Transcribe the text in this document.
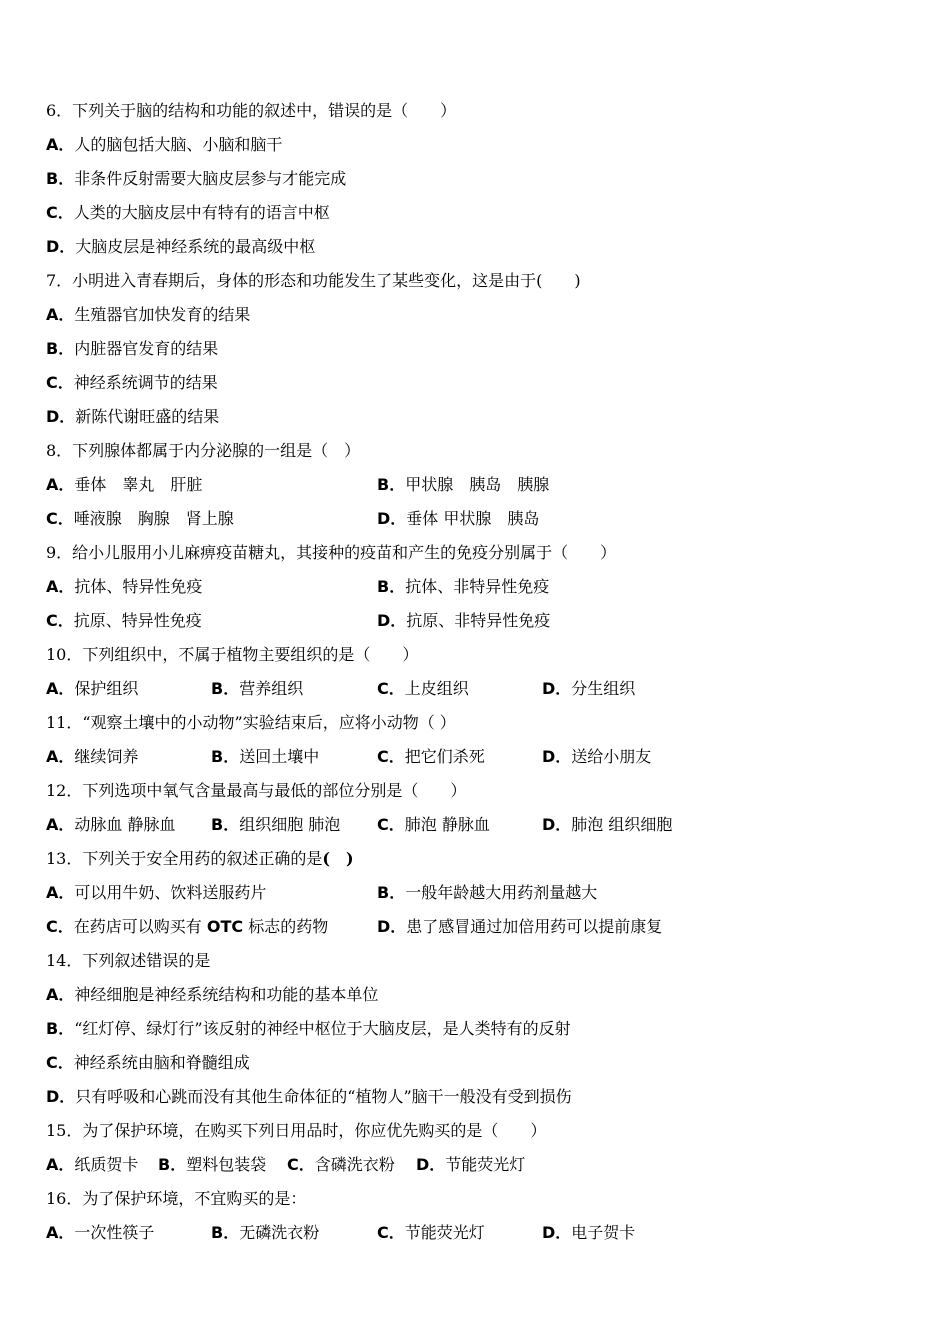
6．下列关于脑的结构和功能的叙述中，错误的是（　　）
A．人的脑包括大脑、小脑和脑干
B．非条件反射需要大脑皮层参与才能完成
C．人类的大脑皮层中有特有的语言中枢
D．大脑皮层是神经系统的最高级中枢
7．小明进入青春期后，身体的形态和功能发生了某些变化，这是由于(　　)
A．生殖器官加快发育的结果
B．内脏器官发育的结果
C．神经系统调节的结果
D．新陈代谢旺盛的结果
8．下列腺体都属于内分泌腺的一组是（　）
A．垂体　睾丸　肝脏	B．甲状腺　胰岛　胰腺
C．唾液腺　胸腺　肾上腺	D．垂体 甲状腺　胰岛
9．给小儿服用小儿麻痹疫苗糖丸，其接种的疫苗和产生的免疫分别属于（　　）
A．抗体、特异性免疫	B．抗体、非特异性免疫
C．抗原、特异性免疫	D．抗原、非特异性免疫
10．下列组织中，不属于植物主要组织的是（　　）
A．保护组织	B．营养组织	C．上皮组织	D．分生组织
11．“观察土壤中的小动物”实验结束后，应将小动物（ ）
A．继续饲养	B．送回土壤中	C．把它们杀死	D．送给小朋友
12．下列选项中氧气含量最高与最低的部位分别是（　　）
A．动脉血 静脉血 B．组织细胞 肺泡 C．肺泡 静脉血	D．肺泡 组织细胞
13．下列关于安全用药的叙述正确的是(　)
A．可以用牛奶、饮料送服药片	B．一般年龄越大用药剂量越大
C．在药店可以购买有 OTC 标志的药物	D．患了感冒通过加倍用药可以提前康复
14．下列叙述错误的是
A．神经细胞是神经系统结构和功能的基本单位
B．“红灯停、绿灯行”该反射的神经中枢位于大脑皮层，是人类特有的反射
C．神经系统由脑和脊髓组成
D．只有呼吸和心跳而没有其他生命体征的“植物人”脑干一般没有受到损伤
15．为了保护环境，在购买下列日用品时，你应优先购买的是（　　）
A．纸质贺卡 B．塑料包装袋 C．含磷洗衣粉 D．节能荧光灯
16．为了保护环境，不宜购买的是：
A．一次性筷子	B．无磷洗衣粉	C．节能荧光灯	D．电子贺卡
